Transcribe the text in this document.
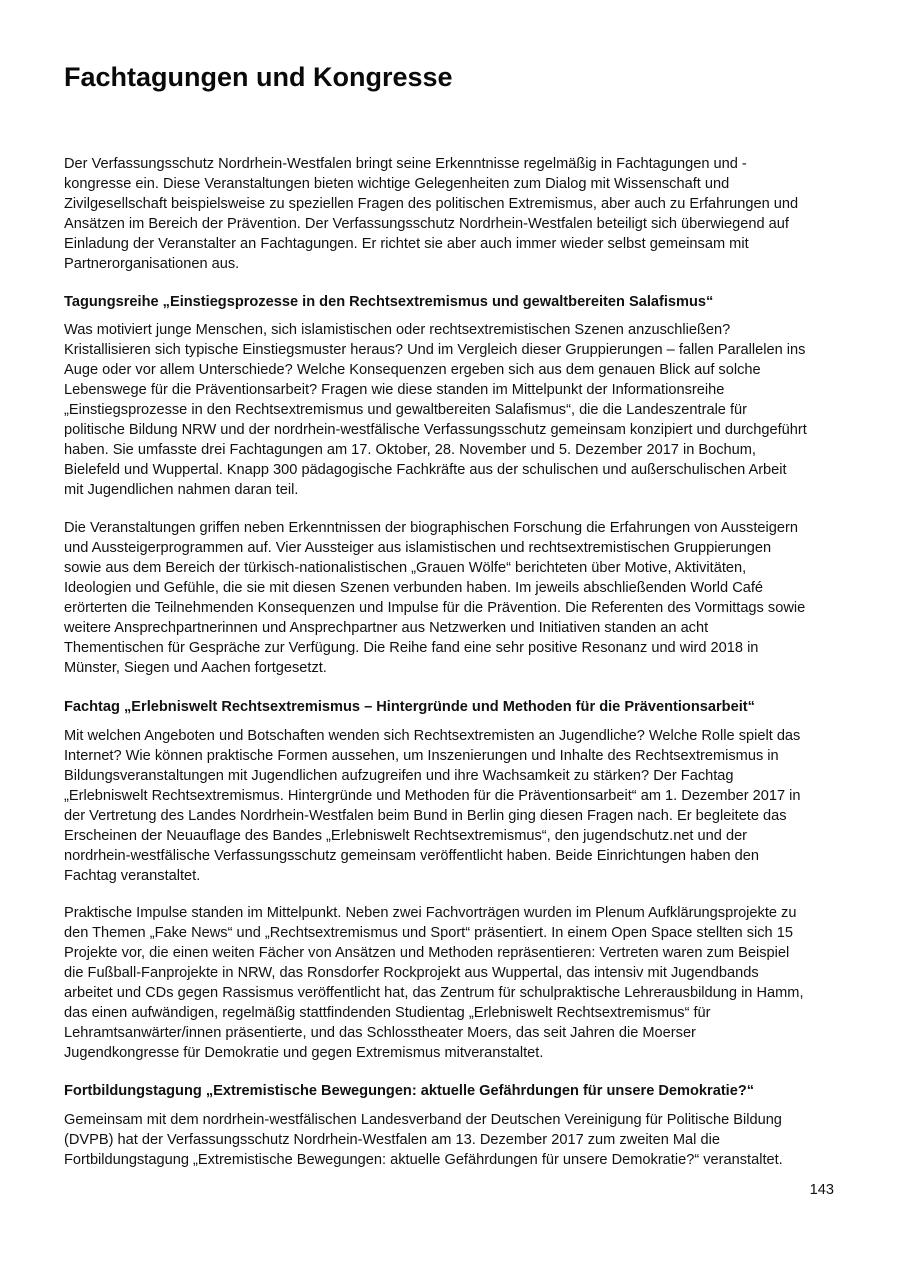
Fachtagungen und Kongresse

Der Verfassungsschutz Nordrhein-Westfalen bringt seine Erkenntnisse regelmäßig in Fachtagungen und -
kongresse ein. Diese Veranstaltungen bieten wichtige Gelegenheiten zum Dialog mit Wissenschaft und
Zivilgesellschaft beispielsweise zu speziellen Fragen des politischen Extremismus, aber auch zu Erfahrungen und
Ansätzen im Bereich der Prävention. Der Verfassungsschutz Nordrhein-Westfalen beteiligt sich überwiegend auf
Einladung der Veranstalter an Fachtagungen. Er richtet sie aber auch immer wieder selbst gemeinsam mit
Partnerorganisationen aus.

Tagungsreihe „Einstiegsprozesse in den Rechtsextremismus und gewaltbereiten Salafismus“

Was motiviert junge Menschen, sich islamistischen oder rechtsextremistischen Szenen anzuschließen?
Kristallisieren sich typische Einstiegsmuster heraus? Und im Vergleich dieser Gruppierungen – fallen Parallelen ins
Auge oder vor allem Unterschiede? Welche Konsequenzen ergeben sich aus dem genauen Blick auf solche
Lebenswege für die Präventionsarbeit? Fragen wie diese standen im Mittelpunkt der Informationsreihe
„Einstiegsprozesse in den Rechtsextremismus und gewaltbereiten Salafismus“, die die Landeszentrale für
politische Bildung NRW und der nordrhein-westfälische Verfassungsschutz gemeinsam konzipiert und durchgeführt
haben. Sie umfasste drei Fachtagungen am 17. Oktober, 28. November und 5. Dezember 2017 in Bochum,
Bielefeld und Wuppertal. Knapp 300 pädagogische Fachkräfte aus der schulischen und außerschulischen Arbeit
mit Jugendlichen nahmen daran teil.

Die Veranstaltungen griffen neben Erkenntnissen der biographischen Forschung die Erfahrungen von Aussteigern
und Aussteigerprogrammen auf. Vier Aussteiger aus islamistischen und rechtsextremistischen Gruppierungen
sowie aus dem Bereich der türkisch-nationalistischen „Grauen Wölfe“ berichteten über Motive, Aktivitäten,
Ideologien und Gefühle, die sie mit diesen Szenen verbunden haben. Im jeweils abschließenden World Café
erörterten die Teilnehmenden Konsequenzen und Impulse für die Prävention. Die Referenten des Vormittags sowie
weitere Ansprechpartnerinnen und Ansprechpartner aus Netzwerken und Initiativen standen an acht
Thementischen für Gespräche zur Verfügung. Die Reihe fand eine sehr positive Resonanz und wird 2018 in
Münster, Siegen und Aachen fortgesetzt.

Fachtag „Erlebniswelt Rechtsextremismus – Hintergründe und Methoden für die Präventionsarbeit“

Mit welchen Angeboten und Botschaften wenden sich Rechtsextremisten an Jugendliche? Welche Rolle spielt das
Internet? Wie können praktische Formen aussehen, um Inszenierungen und Inhalte des Rechtsextremismus in
Bildungsveranstaltungen mit Jugendlichen aufzugreifen und ihre Wachsamkeit zu stärken? Der Fachtag
„Erlebniswelt Rechtsextremismus. Hintergründe und Methoden für die Präventionsarbeit“ am 1. Dezember 2017 in
der Vertretung des Landes Nordrhein-Westfalen beim Bund in Berlin ging diesen Fragen nach. Er begleitete das
Erscheinen der Neuauflage des Bandes „Erlebniswelt Rechtsextremismus“, den jugendschutz.net und der
nordrhein-westfälische Verfassungsschutz gemeinsam veröffentlicht haben. Beide Einrichtungen haben den
Fachtag veranstaltet.

Praktische Impulse standen im Mittelpunkt. Neben zwei Fachvorträgen wurden im Plenum Aufklärungsprojekte zu
den Themen „Fake News“ und „Rechtsextremismus und Sport“ präsentiert. In einem Open Space stellten sich 15
Projekte vor, die einen weiten Fächer von Ansätzen und Methoden repräsentieren: Vertreten waren zum Beispiel
die Fußball-Fanprojekte in NRW, das Ronsdorfer Rockprojekt aus Wuppertal, das intensiv mit Jugendbands
arbeitet und CDs gegen Rassismus veröffentlicht hat, das Zentrum für schulpraktische Lehrerausbildung in Hamm,
das einen aufwändigen, regelmäßig stattfindenden Studientag „Erlebniswelt Rechtsextremismus“ für
Lehramtsanwärter/innen präsentierte, und das Schlosstheater Moers, das seit Jahren die Moerser
Jugendkongresse für Demokratie und gegen Extremismus mitveranstaltet.

Fortbildungstagung „Extremistische Bewegungen: aktuelle Gefährdungen für unsere Demokratie?“

Gemeinsam mit dem nordrhein-westfälischen Landesverband der Deutschen Vereinigung für Politische Bildung
(DVPB) hat der Verfassungsschutz Nordrhein-Westfalen am 13. Dezember 2017 zum zweiten Mal die
Fortbildungstagung „Extremistische Bewegungen: aktuelle Gefährdungen für unsere Demokratie?“ veranstaltet.

143
